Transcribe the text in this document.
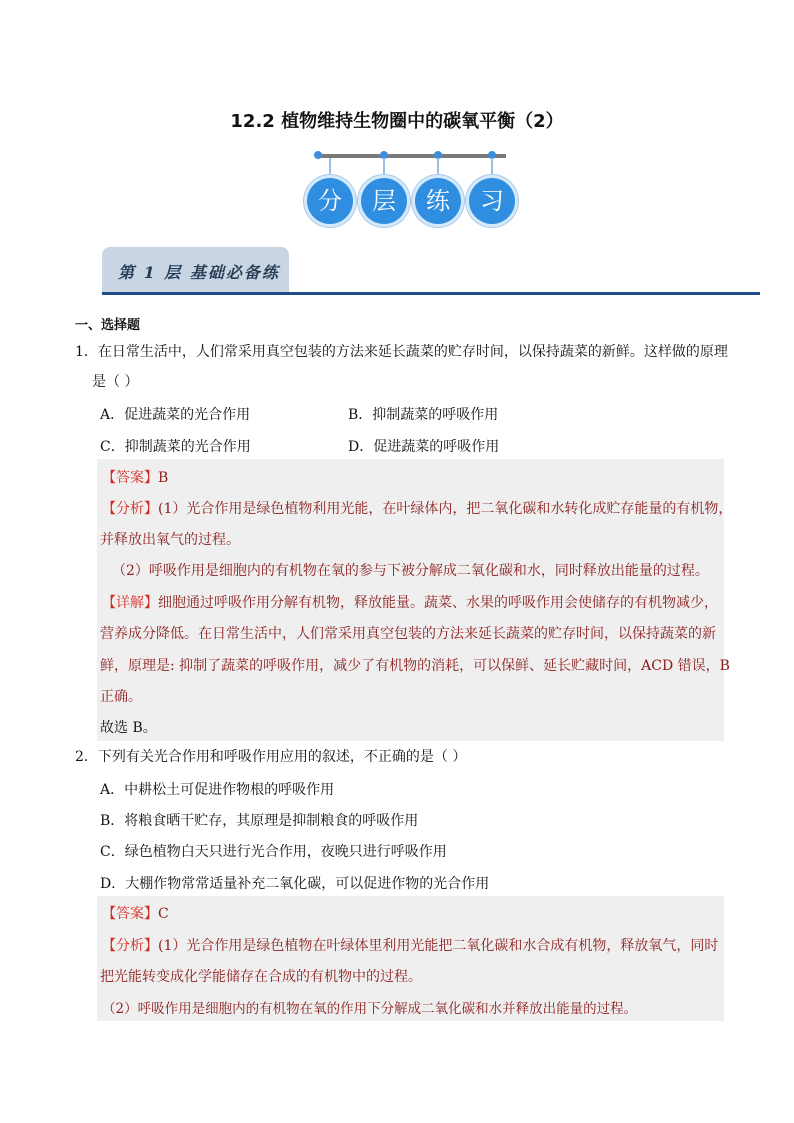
12.2 植物维持生物圈中的碳氧平衡（2）
分	层	练	习
第 1 层 基础必备练
一、选择题
1．在日常生活中，人们常采用真空包装的方法来延长蔬菜的贮存时间，以保持蔬菜的新鲜。这样做的原理
是（ ）
A．促进蔬菜的光合作用	B．抑制蔬菜的呼吸作用
C．抑制蔬菜的光合作用	D．促进蔬菜的呼吸作用
【答案】B
【分析】(1）光合作用是绿色植物利用光能，在叶绿体内，把二氧化碳和水转化成贮存能量的有机物，
并释放出氧气的过程。
（2）呼吸作用是细胞内的有机物在氧的参与下被分解成二氧化碳和水，同时释放出能量的过程。
【详解】细胞通过呼吸作用分解有机物，释放能量。蔬菜、水果的呼吸作用会使储存的有机物减少，
营养成分降低。在日常生活中，人们常采用真空包装的方法来延长蔬菜的贮存时间，以保持蔬菜的新
鲜，原理是: 抑制了蔬菜的呼吸作用，减少了有机物的消耗，可以保鲜、延长贮藏时间，ACD 错误，B
正确。
故选 B。
2．下列有关光合作用和呼吸作用应用的叙述，不正确的是（ ）
A．中耕松土可促进作物根的呼吸作用
B．将粮食晒干贮存，其原理是抑制粮食的呼吸作用
C．绿色植物白天只进行光合作用，夜晚只进行呼吸作用
D．大棚作物常常适量补充二氧化碳，可以促进作物的光合作用
【答案】C
【分析】(1）光合作用是绿色植物在叶绿体里利用光能把二氧化碳和水合成有机物，释放氧气，同时
把光能转变成化学能储存在合成的有机物中的过程。
（2）呼吸作用是细胞内的有机物在氧的作用下分解成二氧化碳和水并释放出能量的过程。
